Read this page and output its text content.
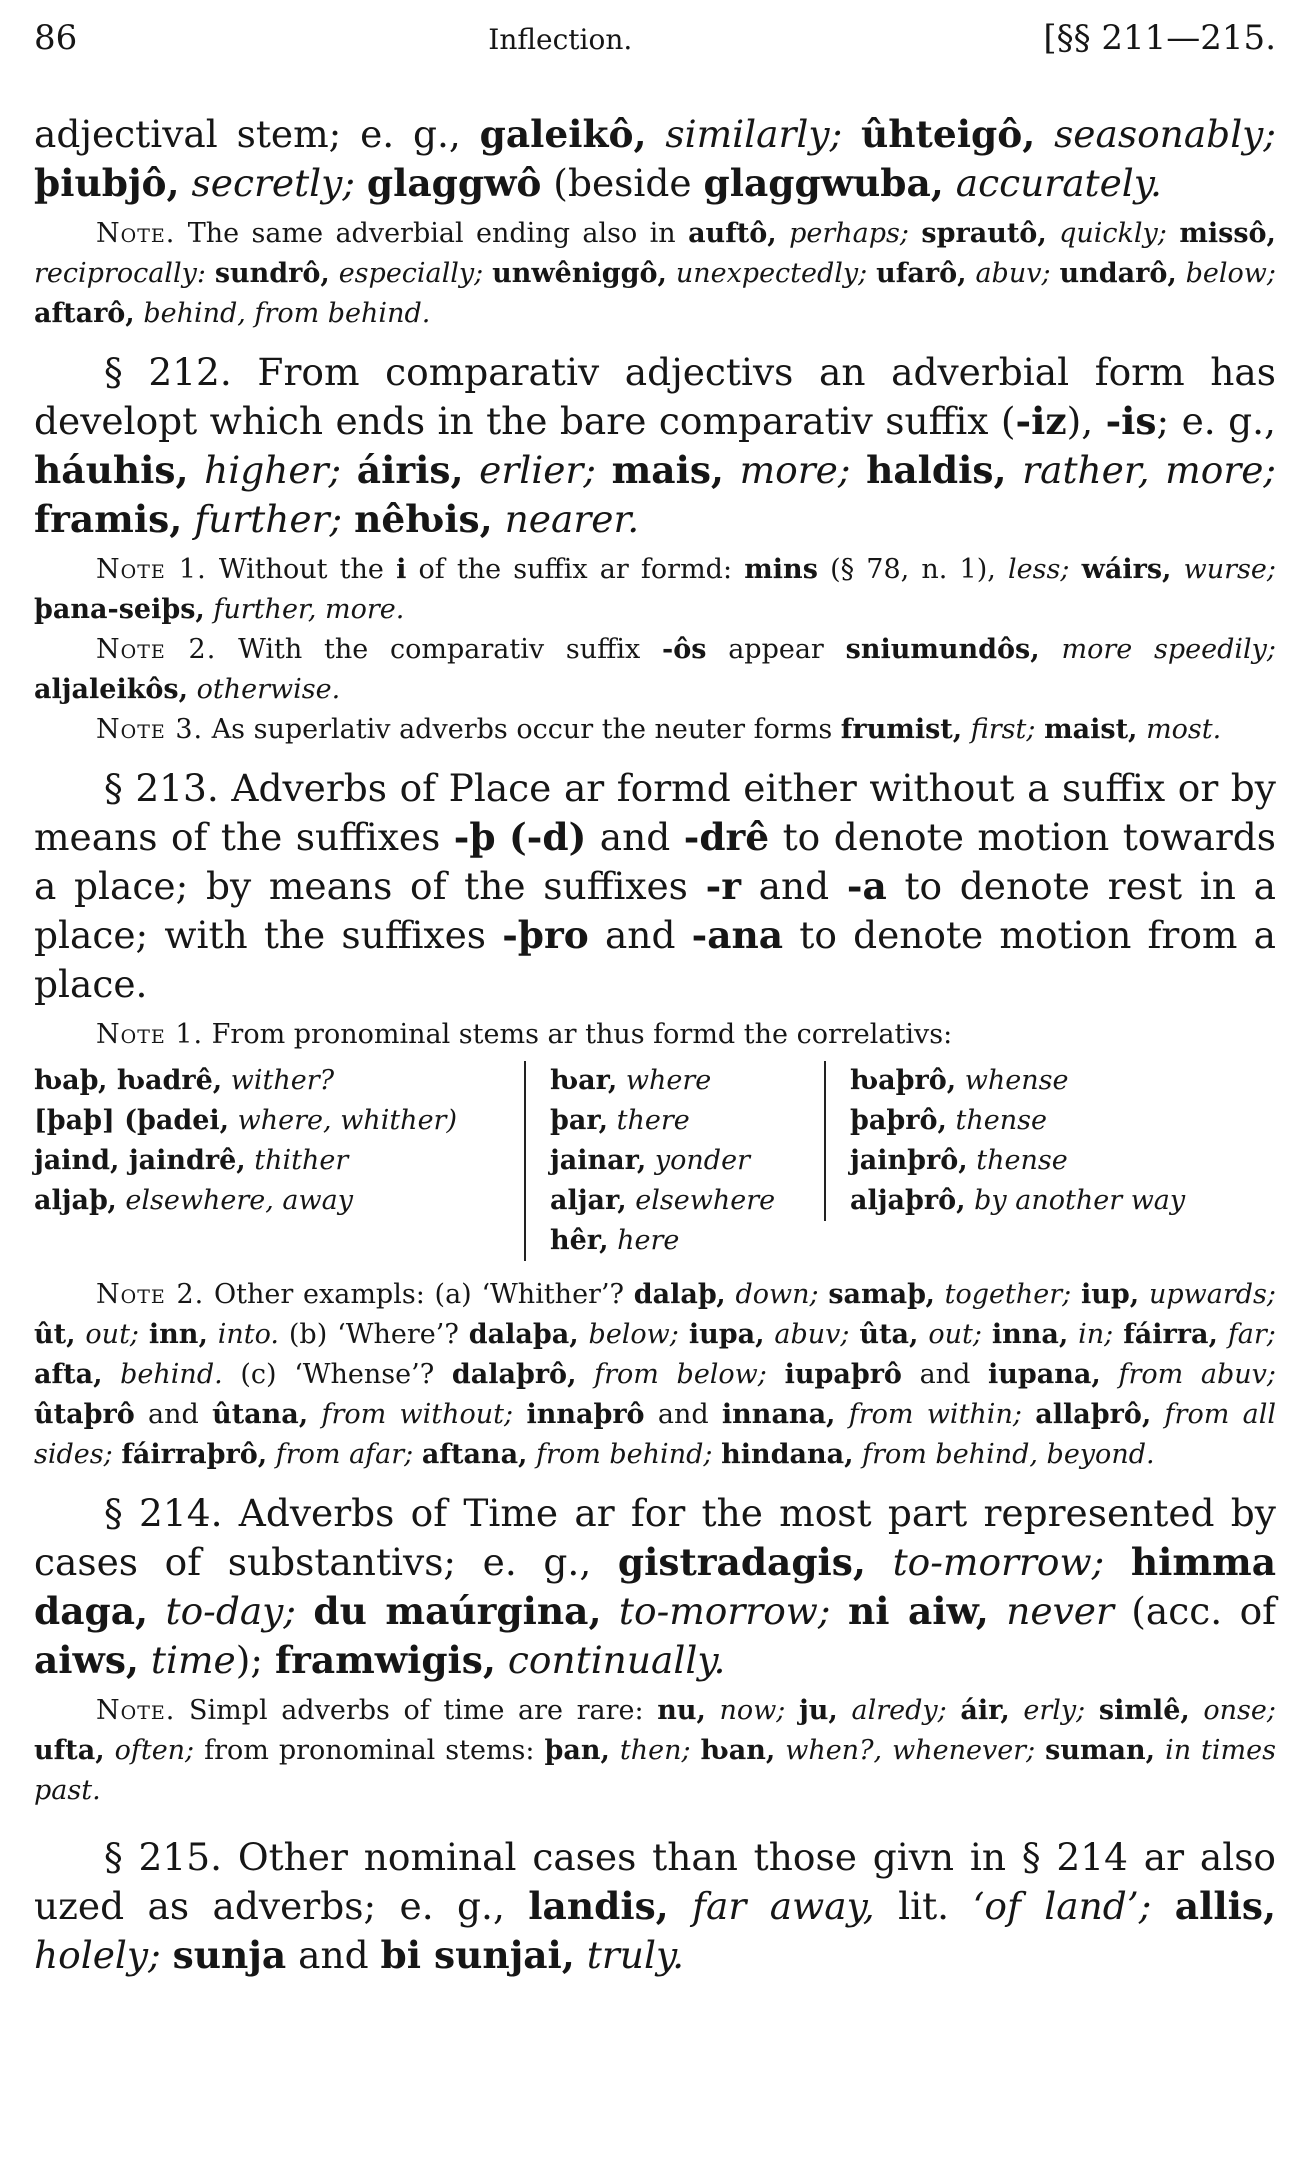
86	Inflection.	[§§ 211—215.

adjectival stem; e. g., galeikô, similarly; ûhteigô, seasonably; þiubjô, secretly; glaggwô (beside glaggwuba, accurately.

Note. The same adverbial ending also in auftô, perhaps; sprautô, quickly; missô, reciprocally: sundrô, especially; unwêniggô, unexpectedly; ufarô, abuv; undarô, below; aftarô, behind, from behind.

§ 212. From comparativ adjectivs an adverbial form has developt which ends in the bare comparativ suffix (-iz), -is; e. g., háuhis, higher; áiris, erlier; mais, more; haldis, rather, more; framis, further; nêƕis, nearer.

Note 1. Without the i of the suffix ar formd: mins (§ 78, n. 1), less; wáirs, wurse; þana-seiþs, further, more.

Note 2. With the comparativ suffix -ôs appear sniumundôs, more speedily; aljaleikôs, otherwise.

Note 3. As superlativ adverbs occur the neuter forms frumist, first; maist, most.

§ 213. Adverbs of Place ar formd either without a suffix or by means of the suffixes -þ (-d) and -drê to denote motion towards a place; by means of the suffixes -r and -a to denote rest in a place; with the suffixes -þro and -ana to denote motion from a place.

Note 1. From pronominal stems ar thus formd the correlativs:

ƕaþ, ƕadrê, wither?
[þaþ] (þadei, where, whither)
jaind, jaindrê, thither
aljaþ, elsewhere, away
ƕar, where
þar, there
jainar, yonder
aljar, elsewhere
hêr, here
ƕaþrô, whense
þaþrô, thense
jainþrô, thense
aljaþrô, by another way

Note 2. Other exampls: (a) ‘Whither’? dalaþ, down; samaþ, together; iup, upwards; ût, out; inn, into. (b) ‘Where’? dalaþa, below; iupa, abuv; ûta, out; inna, in; fáirra, far; afta, behind. (c) ‘Whense’? dalaþrô, from below; iupaþrô and iupana, from abuv; ûtaþrô and ûtana, from without; innaþrô and innana, from within; allaþrô, from all sides; fáirraþrô, from afar; aftana, from behind; hindana, from behind, beyond.

§ 214. Adverbs of Time ar for the most part represented by cases of substantivs; e. g., gistradagis, to-morrow; himma daga, to-day; du maúrgina, to-morrow; ni aiw, never (acc. of aiws, time); framwigis, continually.

Note. Simpl adverbs of time are rare: nu, now; ju, alredy; áir, erly; simlê, onse; ufta, often; from pronominal stems: þan, then; ƕan, when?, whenever; suman, in times past.

§ 215. Other nominal cases than those givn in § 214 ar also uzed as adverbs; e. g., landis, far away, lit. ‘of land’; allis, holely; sunja and bi sunjai, truly.
